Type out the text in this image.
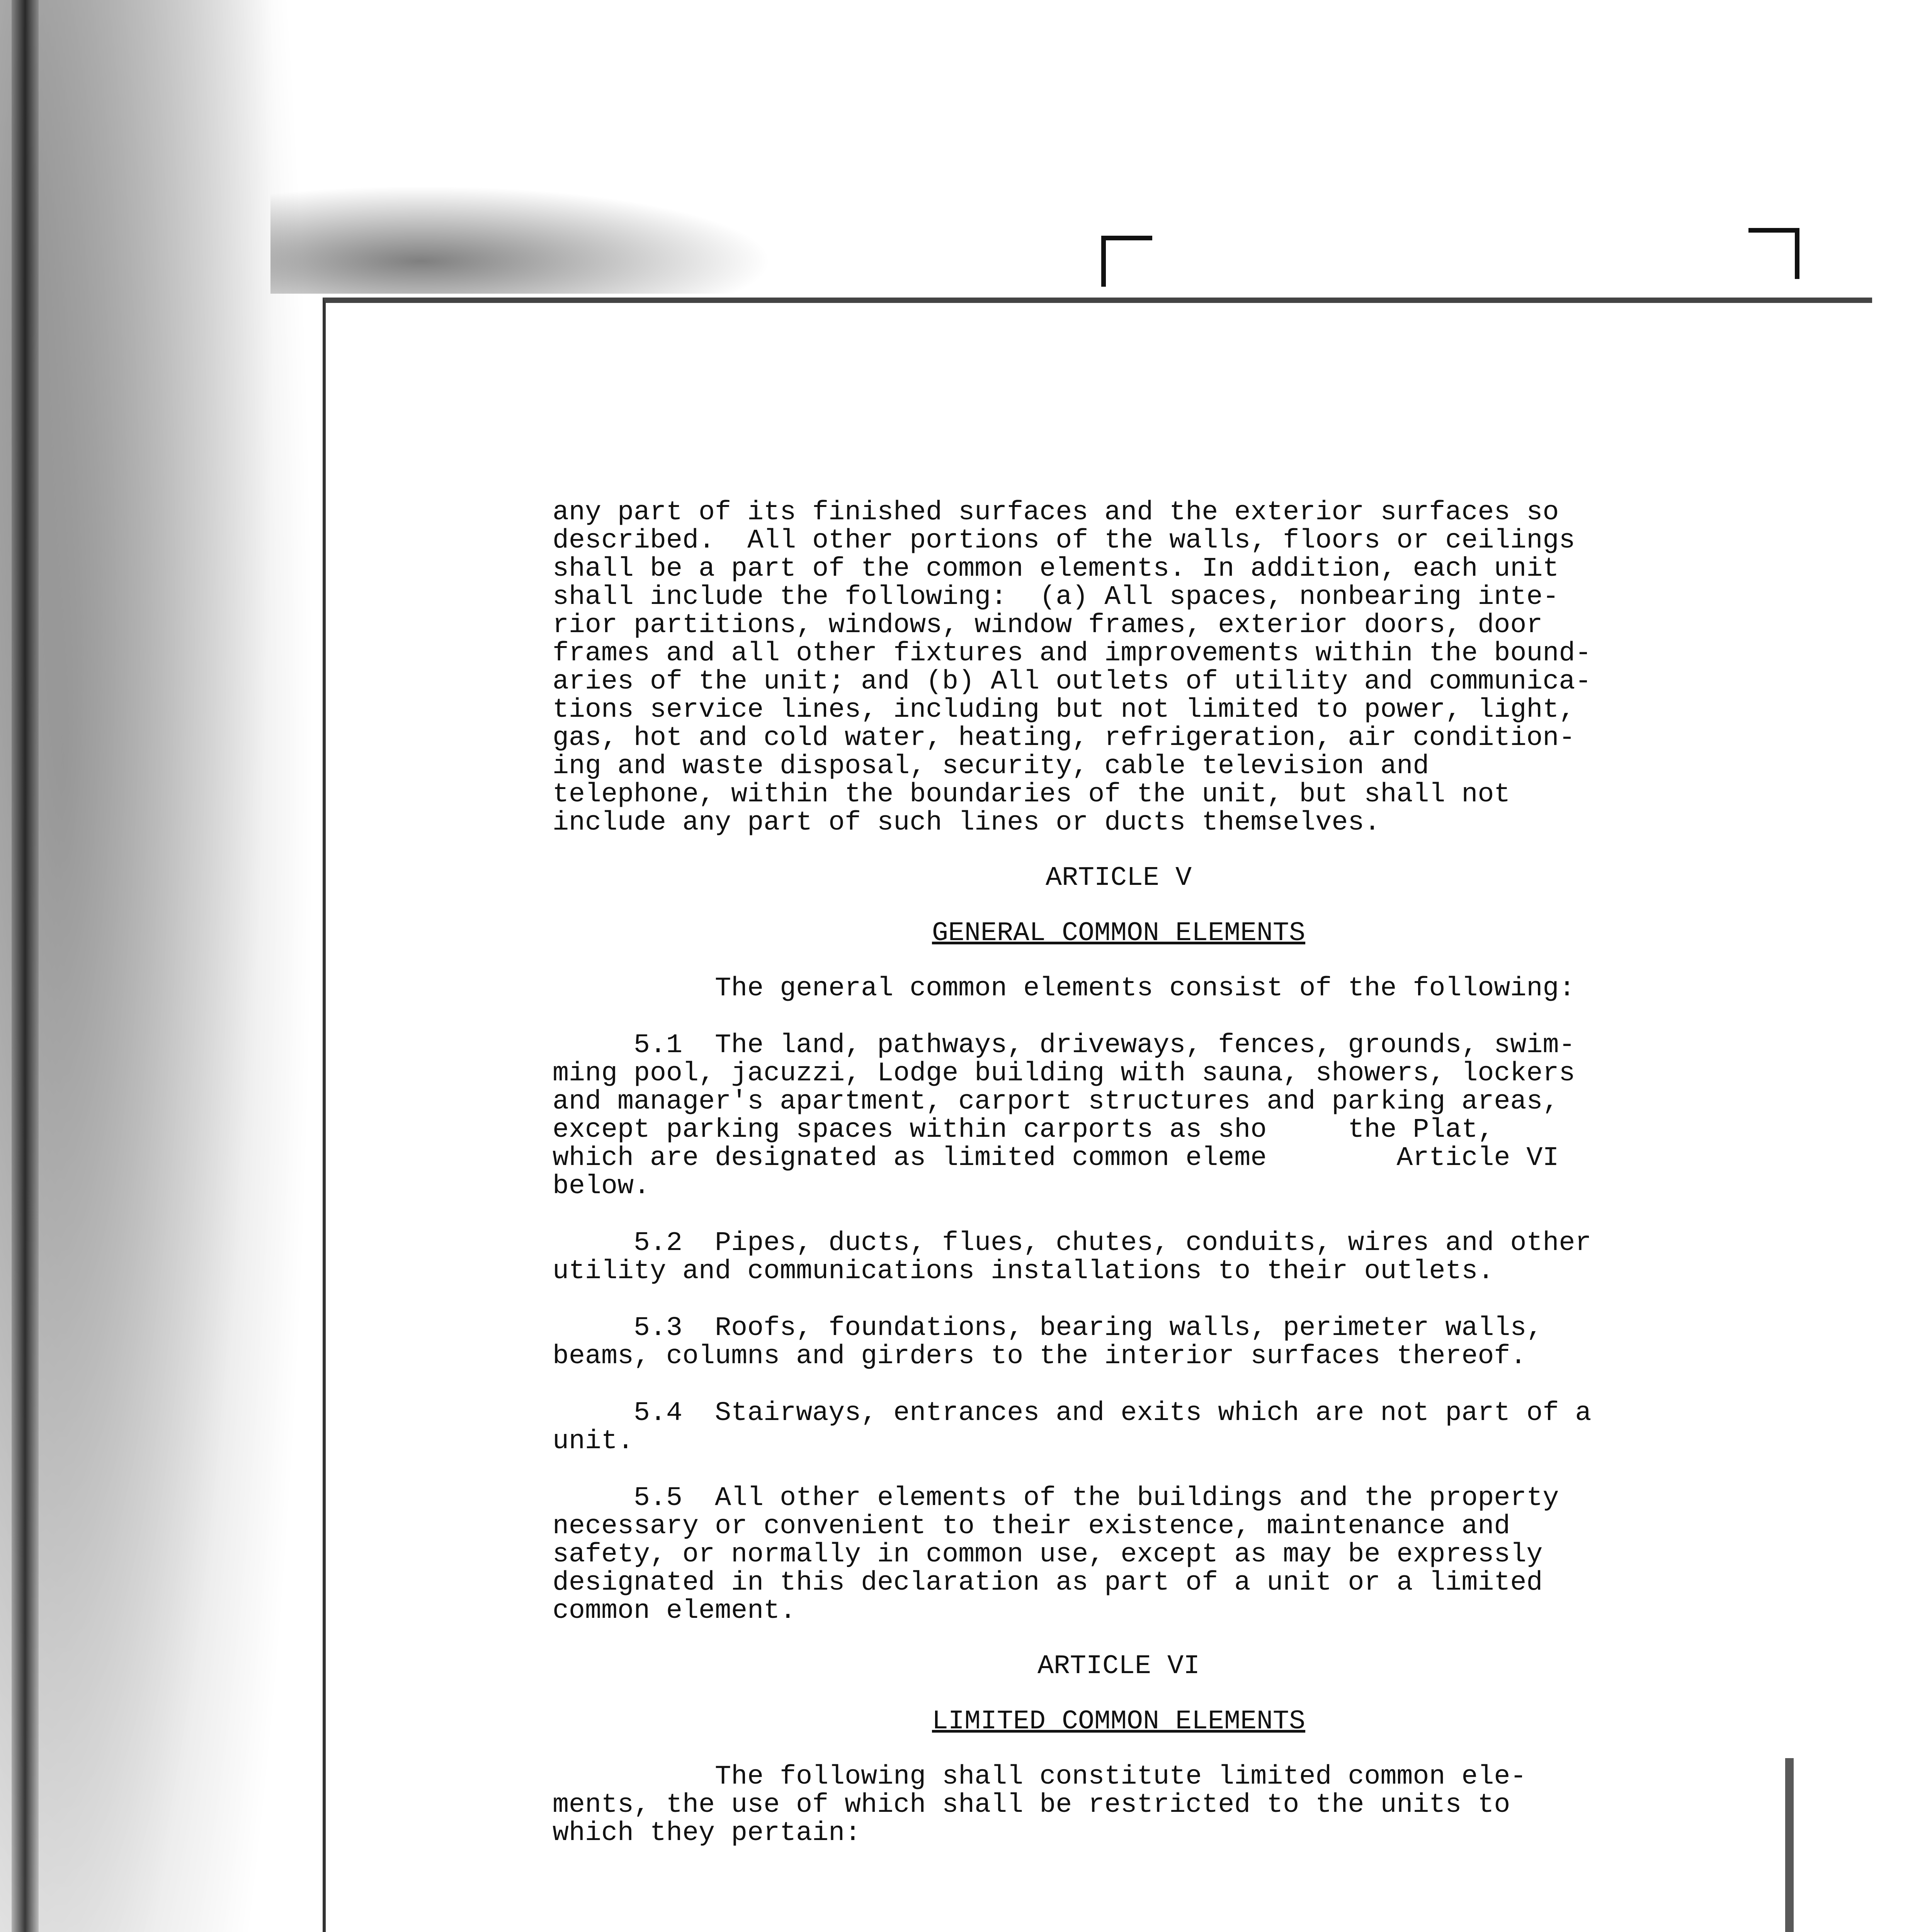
any part of its finished surfaces and the exterior surfaces so
described.  All other portions of the walls, floors or ceilings
shall be a part of the common elements. In addition, each unit
shall include the following:  (a) All spaces, nonbearing inte-
rior partitions, windows, window frames, exterior doors, door
frames and all other fixtures and improvements within the bound-
aries of the unit; and (b) All outlets of utility and communica-
tions service lines, including but not limited to power, light,
gas, hot and cold water, heating, refrigeration, air condition-
ing and waste disposal, security, cable television and
telephone, within the boundaries of the unit, but shall not
include any part of such lines or ducts themselves.
ARTICLE V
GENERAL COMMON ELEMENTS
The general common elements consist of the following:
5.1  The land, pathways, driveways, fences, grounds, swim-
ming pool, jacuzzi, Lodge building with sauna, showers, lockers
and manager's apartment, carport structures and parking areas,
except parking spaces within carports as sho     the Plat,
which are designated as limited common eleme        Article VI
below.
5.2  Pipes, ducts, flues, chutes, conduits, wires and other
utility and communications installations to their outlets.
5.3  Roofs, foundations, bearing walls, perimeter walls,
beams, columns and girders to the interior surfaces thereof.
5.4  Stairways, entrances and exits which are not part of a
unit.
5.5  All other elements of the buildings and the property
necessary or convenient to their existence, maintenance and
safety, or normally in common use, except as may be expressly
designated in this declaration as part of a unit or a limited
common element.
ARTICLE VI
LIMITED COMMON ELEMENTS
The following shall constitute limited common ele-
ments, the use of which shall be restricted to the units to
which they pertain:
